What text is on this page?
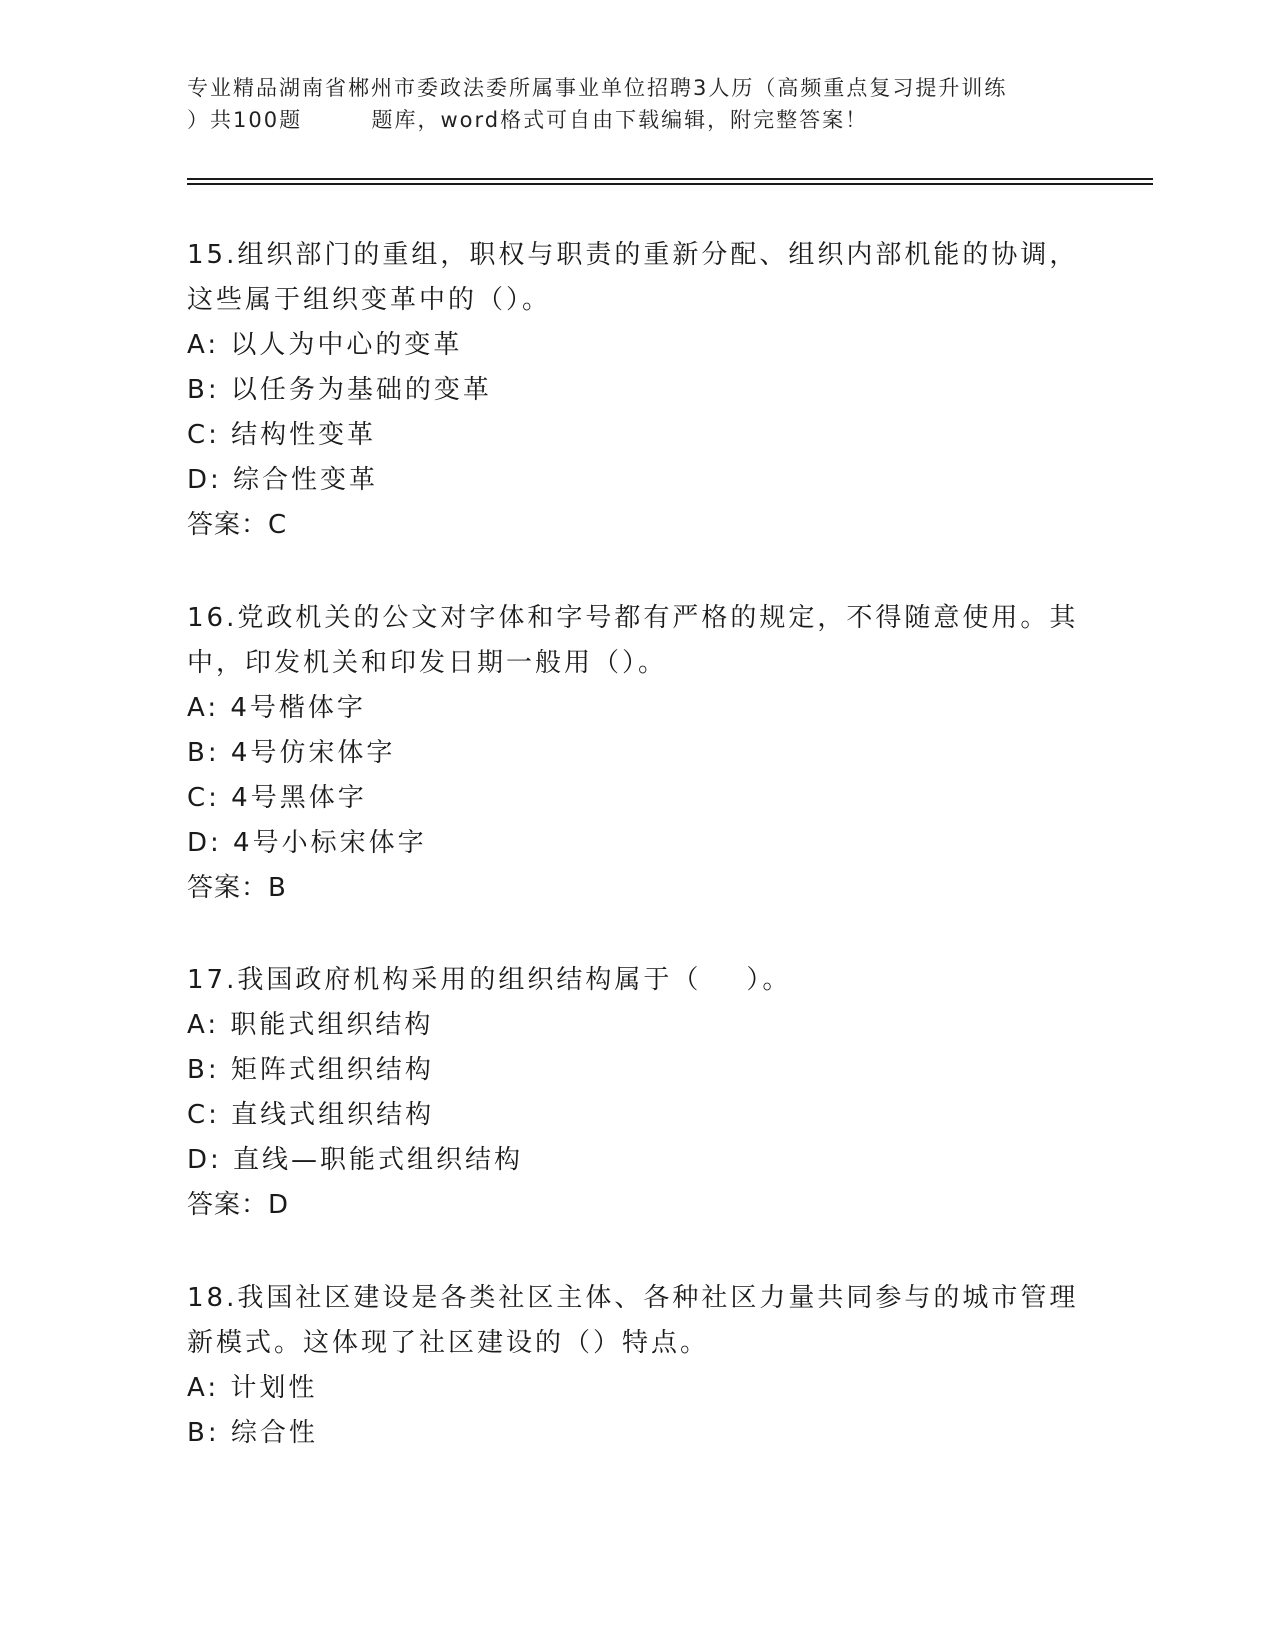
专业精品湖南省郴州市委政法委所属事业单位招聘3人历（高频重点复习提升训练
）共100题        题库，word格式可自由下载编辑，附完整答案！
15.组织部门的重组，职权与职责的重新分配、组织内部机能的协调，
这些属于组织变革中的（）。
A: 以人为中心的变革
B: 以任务为基础的变革
C: 结构性变革
D: 综合性变革
答案：C
16.党政机关的公文对字体和字号都有严格的规定，不得随意使用。其
中，印发机关和印发日期一般用（）。
A: 4号楷体字
B: 4号仿宋体字
C: 4号黑体字
D: 4号小标宋体字
答案：B
17.我国政府机构采用的组织结构属于（    ）。
A: 职能式组织结构
B: 矩阵式组织结构
C: 直线式组织结构
D: 直线—职能式组织结构
答案：D
18.我国社区建设是各类社区主体、各种社区力量共同参与的城市管理
新模式。这体现了社区建设的（）特点。
A: 计划性
B: 综合性
